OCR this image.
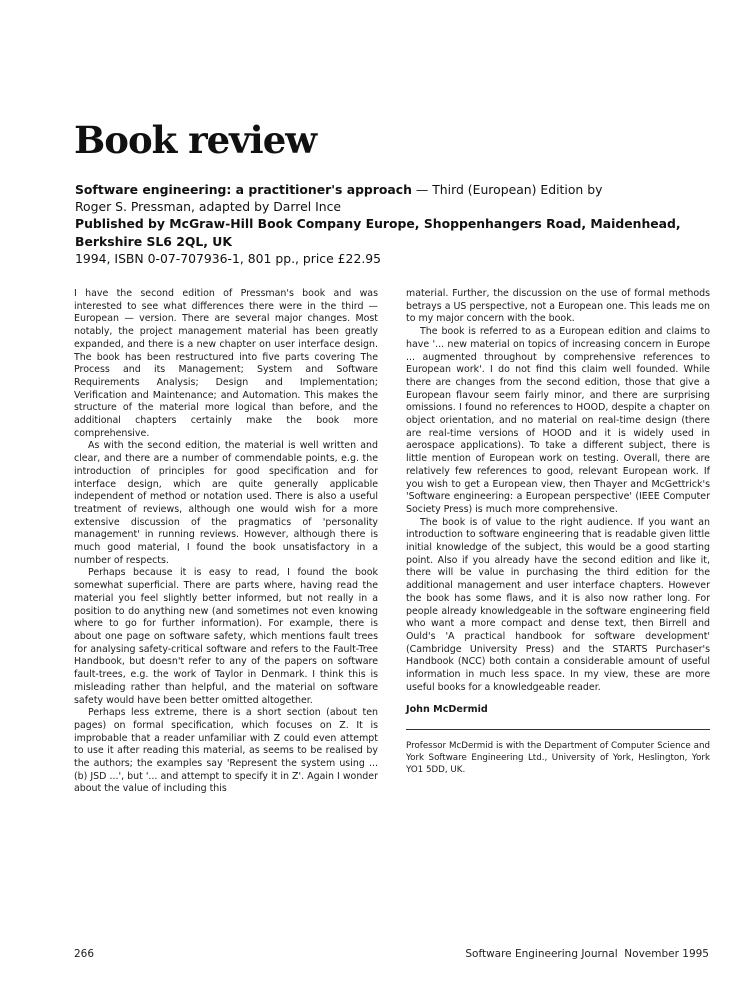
Book review
Software engineering: a practitioner's approach — Third (European) Edition by
Roger S. Pressman, adapted by Darrel Ince
Published by McGraw-Hill Book Company Europe, Shoppenhangers Road, Maidenhead,
Berkshire SL6 2QL, UK
1994, ISBN 0-07-707936-1, 801 pp., price £22.95

I have the second edition of Pressman's book and was interested to see what differences there were in the third — European — version. There are several major changes. Most notably, the project management material has been greatly expanded, and there is a new chapter on user interface design. The book has been restructured into five parts covering The Process and its Management; System and Software Requirements Analysis; Design and Implementation; Verification and Maintenance; and Automation. This makes the structure of the material more logical than before, and the additional chapters certainly make the book more comprehensive.

As with the second edition, the material is well written and clear, and there are a number of commendable points, e.g. the introduction of principles for good specification and for interface design, which are quite generally applicable independent of method or notation used. There is also a useful treatment of reviews, although one would wish for a more extensive discussion of the pragmatics of 'personality management' in running reviews. However, although there is much good material, I found the book unsatisfactory in a number of respects.

Perhaps because it is easy to read, I found the book somewhat superficial. There are parts where, having read the material you feel slightly better informed, but not really in a position to do anything new (and sometimes not even knowing where to go for further information). For example, there is about one page on software safety, which mentions fault trees for analysing safety-critical software and refers to the Fault-Tree Handbook, but doesn't refer to any of the papers on software fault-trees, e.g. the work of Taylor in Denmark. I think this is misleading rather than helpful, and the material on software safety would have been better omitted altogether.

Perhaps less extreme, there is a short section (about ten pages) on formal specification, which focuses on Z. It is improbable that a reader unfamiliar with Z could even attempt to use it after reading this material, as seems to be realised by the authors; the examples say 'Represent the system using ... (b) JSD ...', but '... and attempt to specify it in Z'. Again I wonder about the value of including this

material. Further, the discussion on the use of formal methods betrays a US perspective, not a European one. This leads me on to my major concern with the book.

The book is referred to as a European edition and claims to have '... new material on topics of increasing concern in Europe ... augmented throughout by comprehensive references to European work'. I do not find this claim well founded. While there are changes from the second edition, those that give a European flavour seem fairly minor, and there are surprising omissions. I found no references to HOOD, despite a chapter on object orientation, and no material on real-time design (there are real-time versions of HOOD and it is widely used in aerospace applications). To take a different subject, there is little mention of European work on testing. Overall, there are relatively few references to good, relevant European work. If you wish to get a European view, then Thayer and McGettrick's 'Software engineering: a European perspective' (IEEE Computer Society Press) is much more comprehensive.

The book is of value to the right audience. If you want an introduction to software engineering that is readable given little initial knowledge of the subject, this would be a good starting point. Also if you already have the second edition and like it, there will be value in purchasing the third edition for the additional management and user interface chapters. However the book has some flaws, and it is also now rather long. For people already knowledgeable in the software engineering field who want a more compact and dense text, then Birrell and Ould's 'A practical handbook for software development' (Cambridge University Press) and the STARTS Purchaser's Handbook (NCC) both contain a considerable amount of useful information in much less space. In my view, these are more useful books for a knowledgeable reader.

John McDermid
Professor McDermid is with the Department of Computer Science and York Software Engineering Ltd., University of York, Heslington, York YO1 5DD, UK.
266	Software Engineering Journal  November 1995
